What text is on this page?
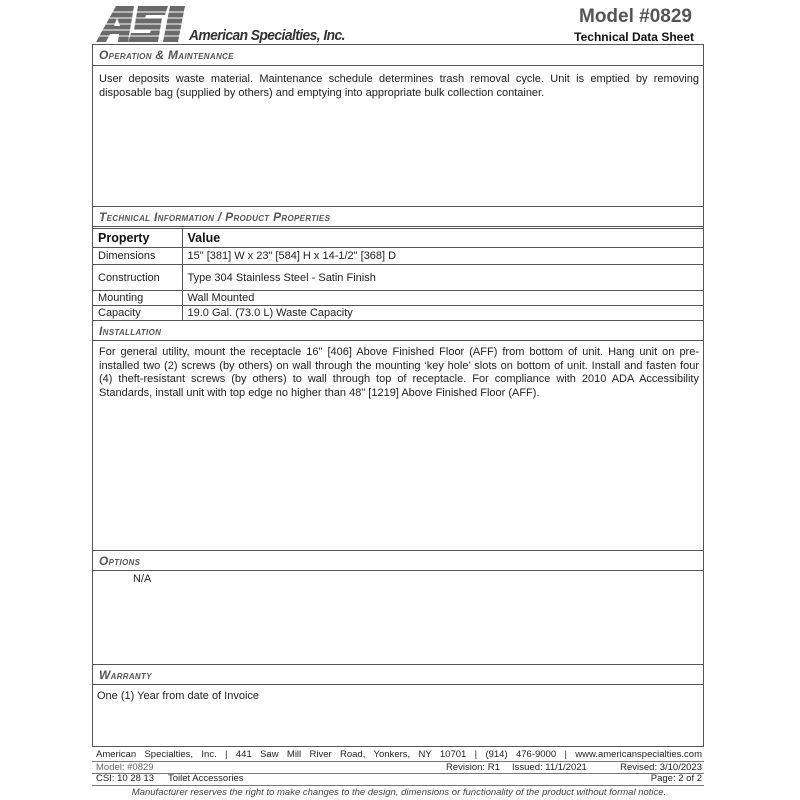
ASI
American Specialties, Inc.
Model #0829
Technical Data Sheet
Operation & Maintenance
User deposits waste material. Maintenance schedule determines trash removal cycle. Unit is emptied by removing disposable bag (supplied by others) and emptying into appropriate bulk collection container.
Technical Information / Product Properties
Property	Value
Dimensions	15" [381] W x 23" [584] H x 14-1/2" [368] D
Construction	Type 304 Stainless Steel - Satin Finish
Mounting	Wall Mounted
Capacity	19.0 Gal. (73.0 L) Waste Capacity
Installation
For general utility, mount the receptacle 16" [406] Above Finished Floor (AFF) from bottom of unit. Hang unit on pre-installed two (2) screws (by others) on wall through the mounting ‘key hole’ slots on bottom of unit. Install and fasten four (4) theft-resistant screws (by others) to wall through top of receptacle. For compliance with 2010 ADA Accessibility Standards, install unit with top edge no higher than 48" [1219] Above Finished Floor (AFF).
Options
N/A
Warranty
One (1) Year from date of Invoice
American Specialties, Inc. | 441 Saw Mill River Road, Yonkers, NY 10701 | (914) 476-9000 | www.americanspecialties.com
Model: #0829	Revision: R1 Issued: 11/1/2021	Revised: 3/10/2023
CSI: 10 28 13 Toilet Accessories	Page: 2 of 2
Manufacturer reserves the right to make changes to the design, dimensions or functionality of the product without formal notice.
